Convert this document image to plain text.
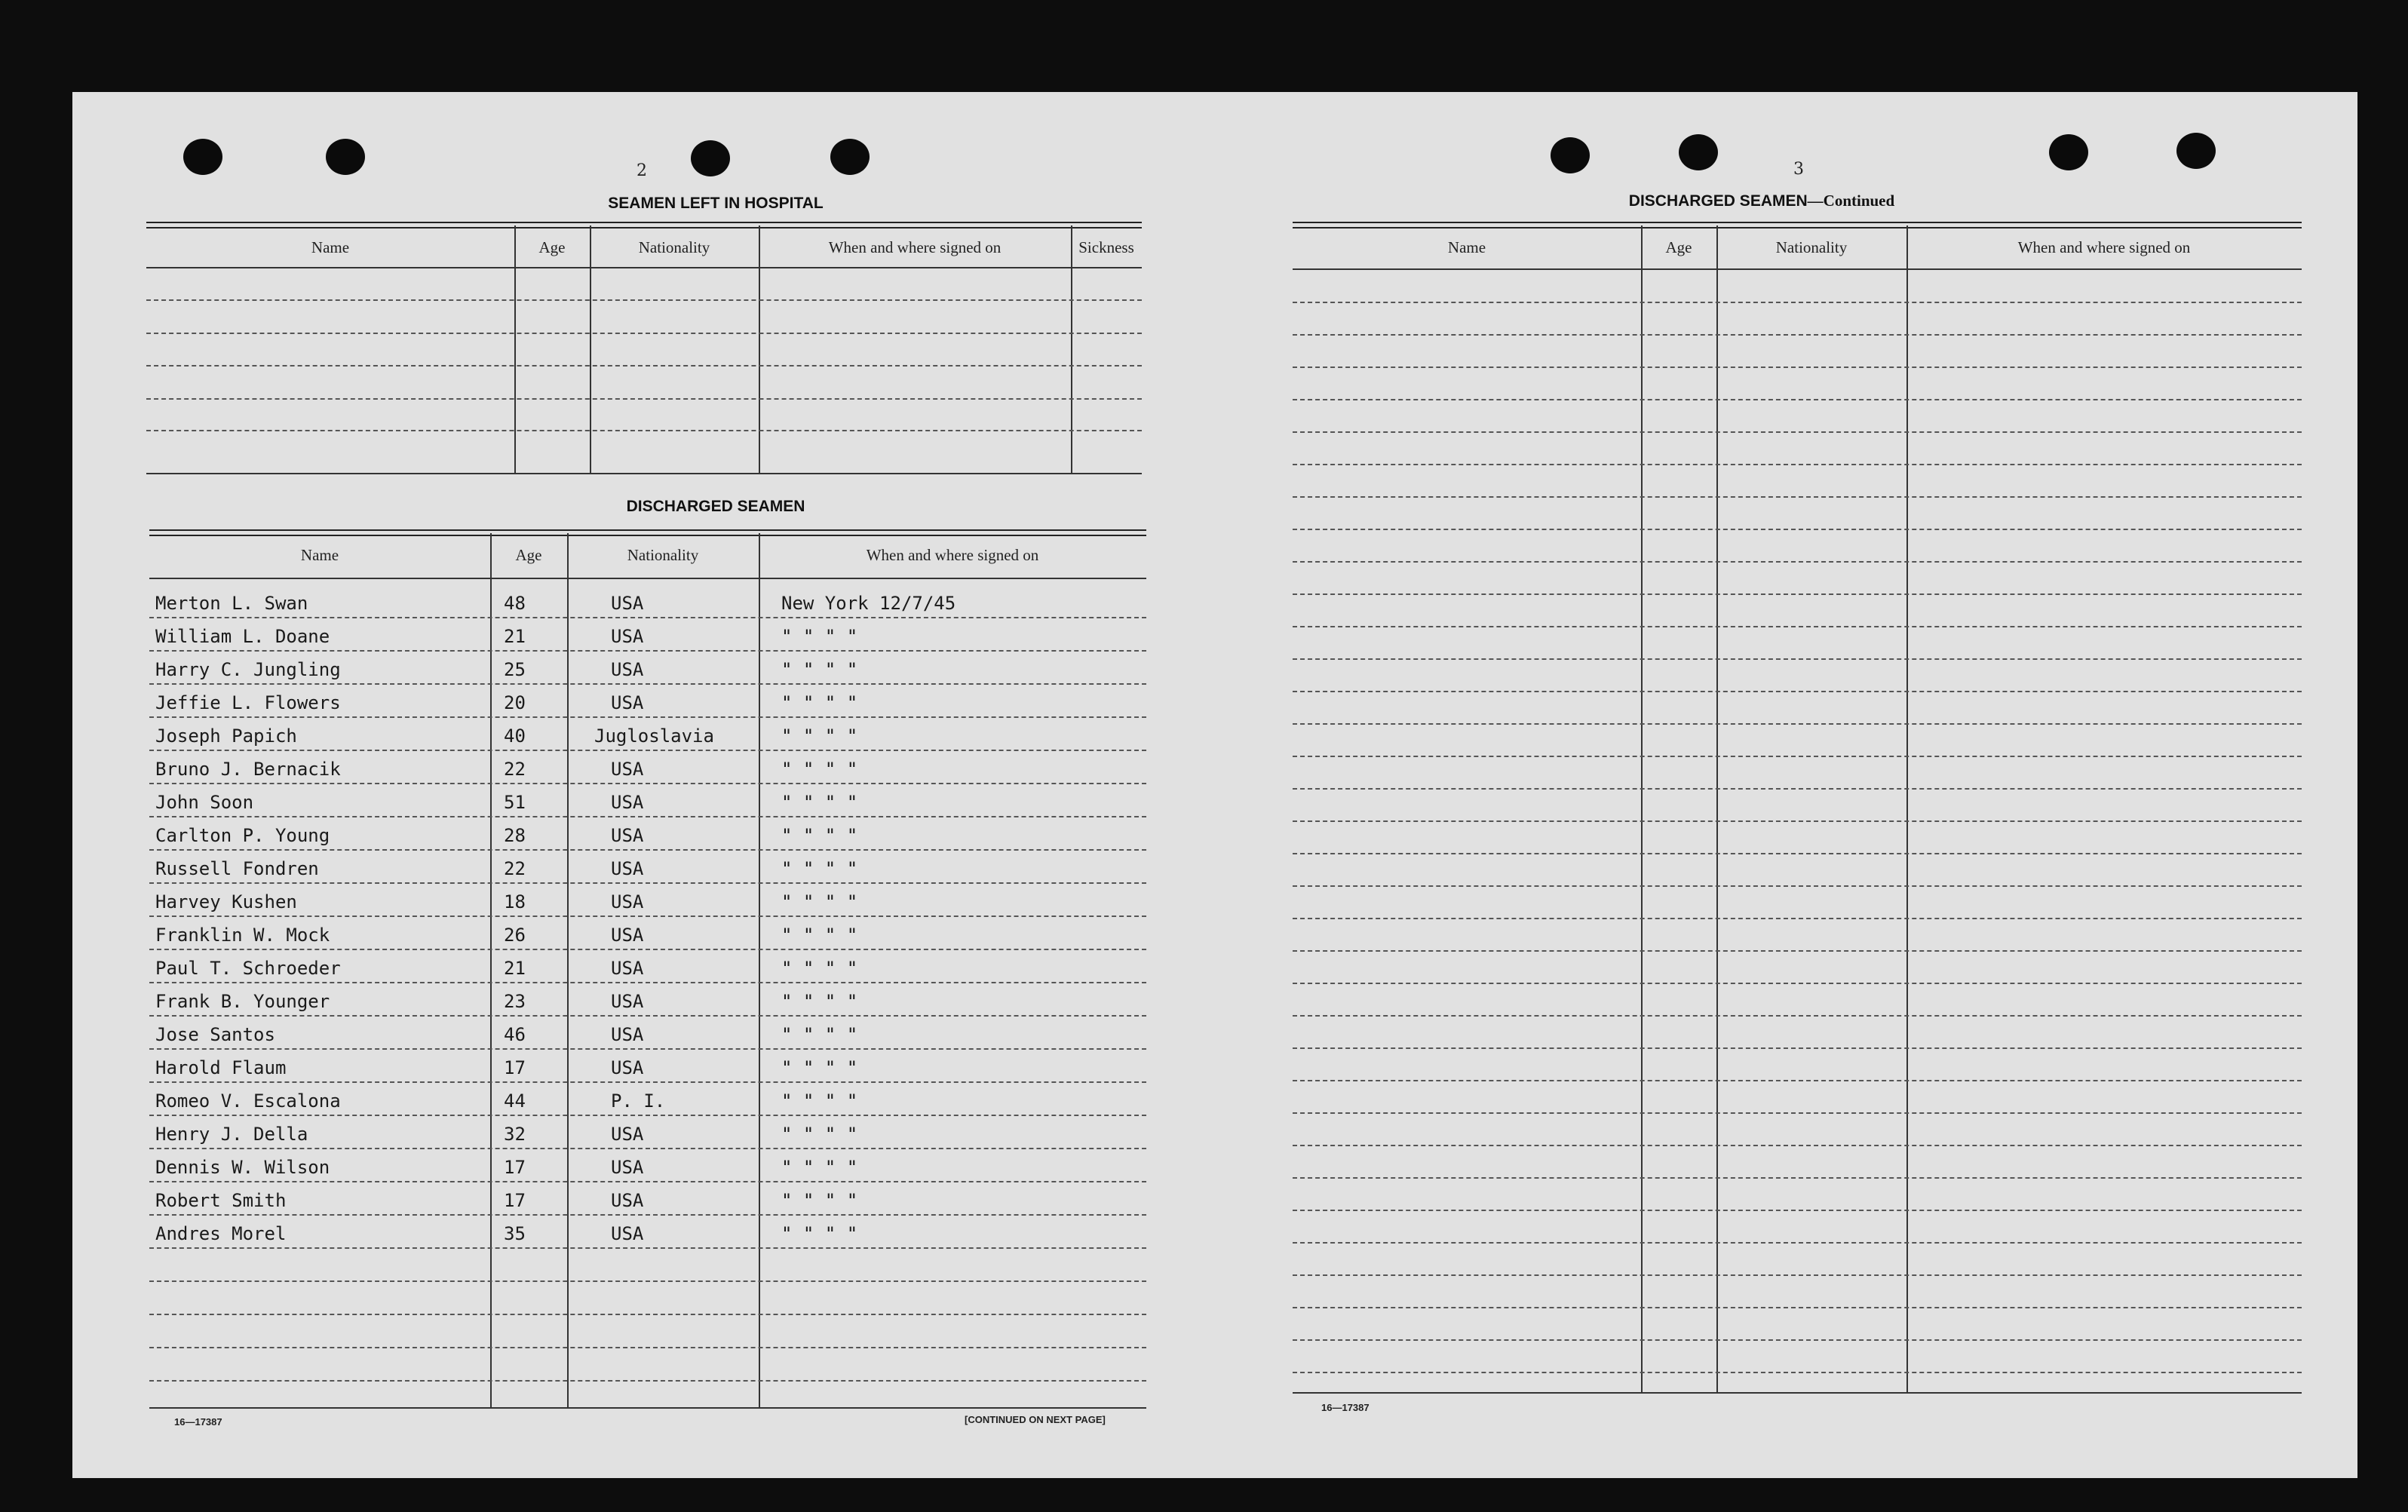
2
SEAMEN LEFT IN HOSPITAL
Name	Age	Nationality	When and where signed on	Sickness
DISCHARGED SEAMEN
Name	Age	Nationality	When and where signed on
Merton L. Swan	48	USA	New York 12/7/45
William L. Doane	21	USA	" " " "
Harry C. Jungling	25	USA	" " " "
Jeffie L. Flowers	20	USA	" " " "
Joseph Papich	40	Jugloslavia	" " " "
Bruno J. Bernacik	22	USA	" " " "
John Soon	51	USA	" " " "
Carlton P. Young	28	USA	" " " "
Russell Fondren	22	USA	" " " "
Harvey Kushen	18	USA	" " " "
Franklin W. Mock	26	USA	" " " "
Paul T. Schroeder	21	USA	" " " "
Frank B. Younger	23	USA	" " " "
Jose Santos	46	USA	" " " "
Harold Flaum	17	USA	" " " "
Romeo V. Escalona	44	P. I.	" " " "
Henry J. Della	32	USA	" " " "
Dennis W. Wilson	17	USA	" " " "
Robert Smith	17	USA	" " " "
Andres Morel	35	USA	" " " "
16—17387	[CONTINUED ON NEXT PAGE]
3
DISCHARGED SEAMEN—Continued
Name	Age	Nationality	When and where signed on
16—17387
